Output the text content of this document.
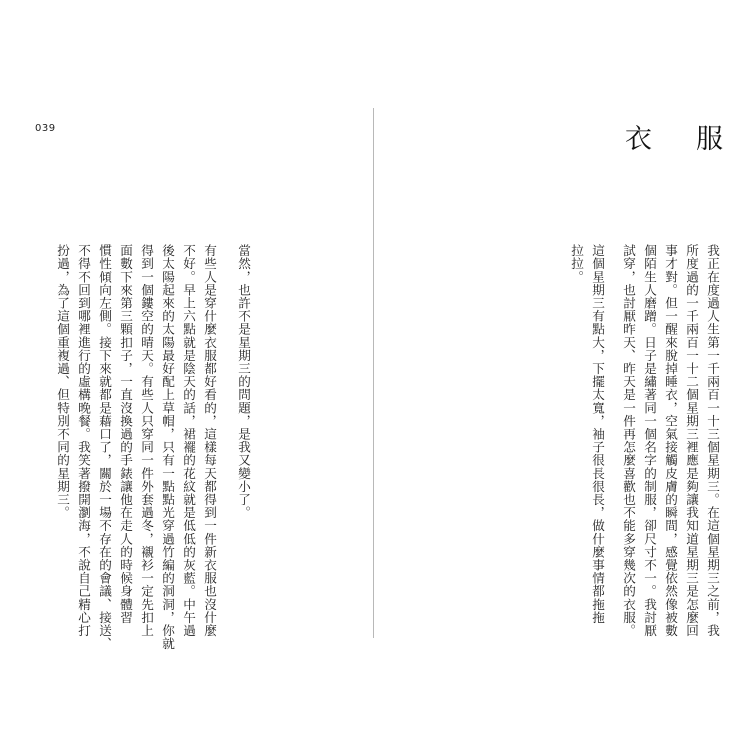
039	衣 服
我正在度過人生第一千兩百一十三個星期三。在這個星期三之前，我
所度過的一千兩百一十二個星期三裡應是夠讓我知道星期三是怎麼回
事才對。但一醒來脫掉睡衣，空氣接觸皮膚的瞬間，感覺依然像被數
個陌生人磨蹭。日子是繡著同一個名字的制服，卻尺寸不一。我討厭
試穿，也討厭昨天、昨天是一件再怎麼喜歡也不能多穿幾次的衣服。
這個星期三有點大，下擺太寬，袖子很長很長，做什麼事情都拖拖
拉拉。
當然，也許不是星期三的問題，是我又變小了。
有些人是穿什麼衣服都好看的，這樣每天都得到一件新衣服也沒什麼
不好。早上六點就是陰天的話，裙襬的花紋就是低低的灰藍。中午過
後太陽起來的太陽最好配上草帽，只有一點點光穿過竹編的洞洞，你就
得到一個鏤空的晴天。有些人只穿同一件外套過冬，襯衫一定先扣上
面數下來第三顆扣子，一直沒換過的手錶讓他在走人的時候身體習
慣性傾向左側。接下來就都是藉口了，關於一場不存在的會議、接送、
不得不回到哪裡進行的虛構晚餐。我笑著撥開瀏海，不說自己精心打
扮過，為了這個重複過、但特別不同的星期三。
